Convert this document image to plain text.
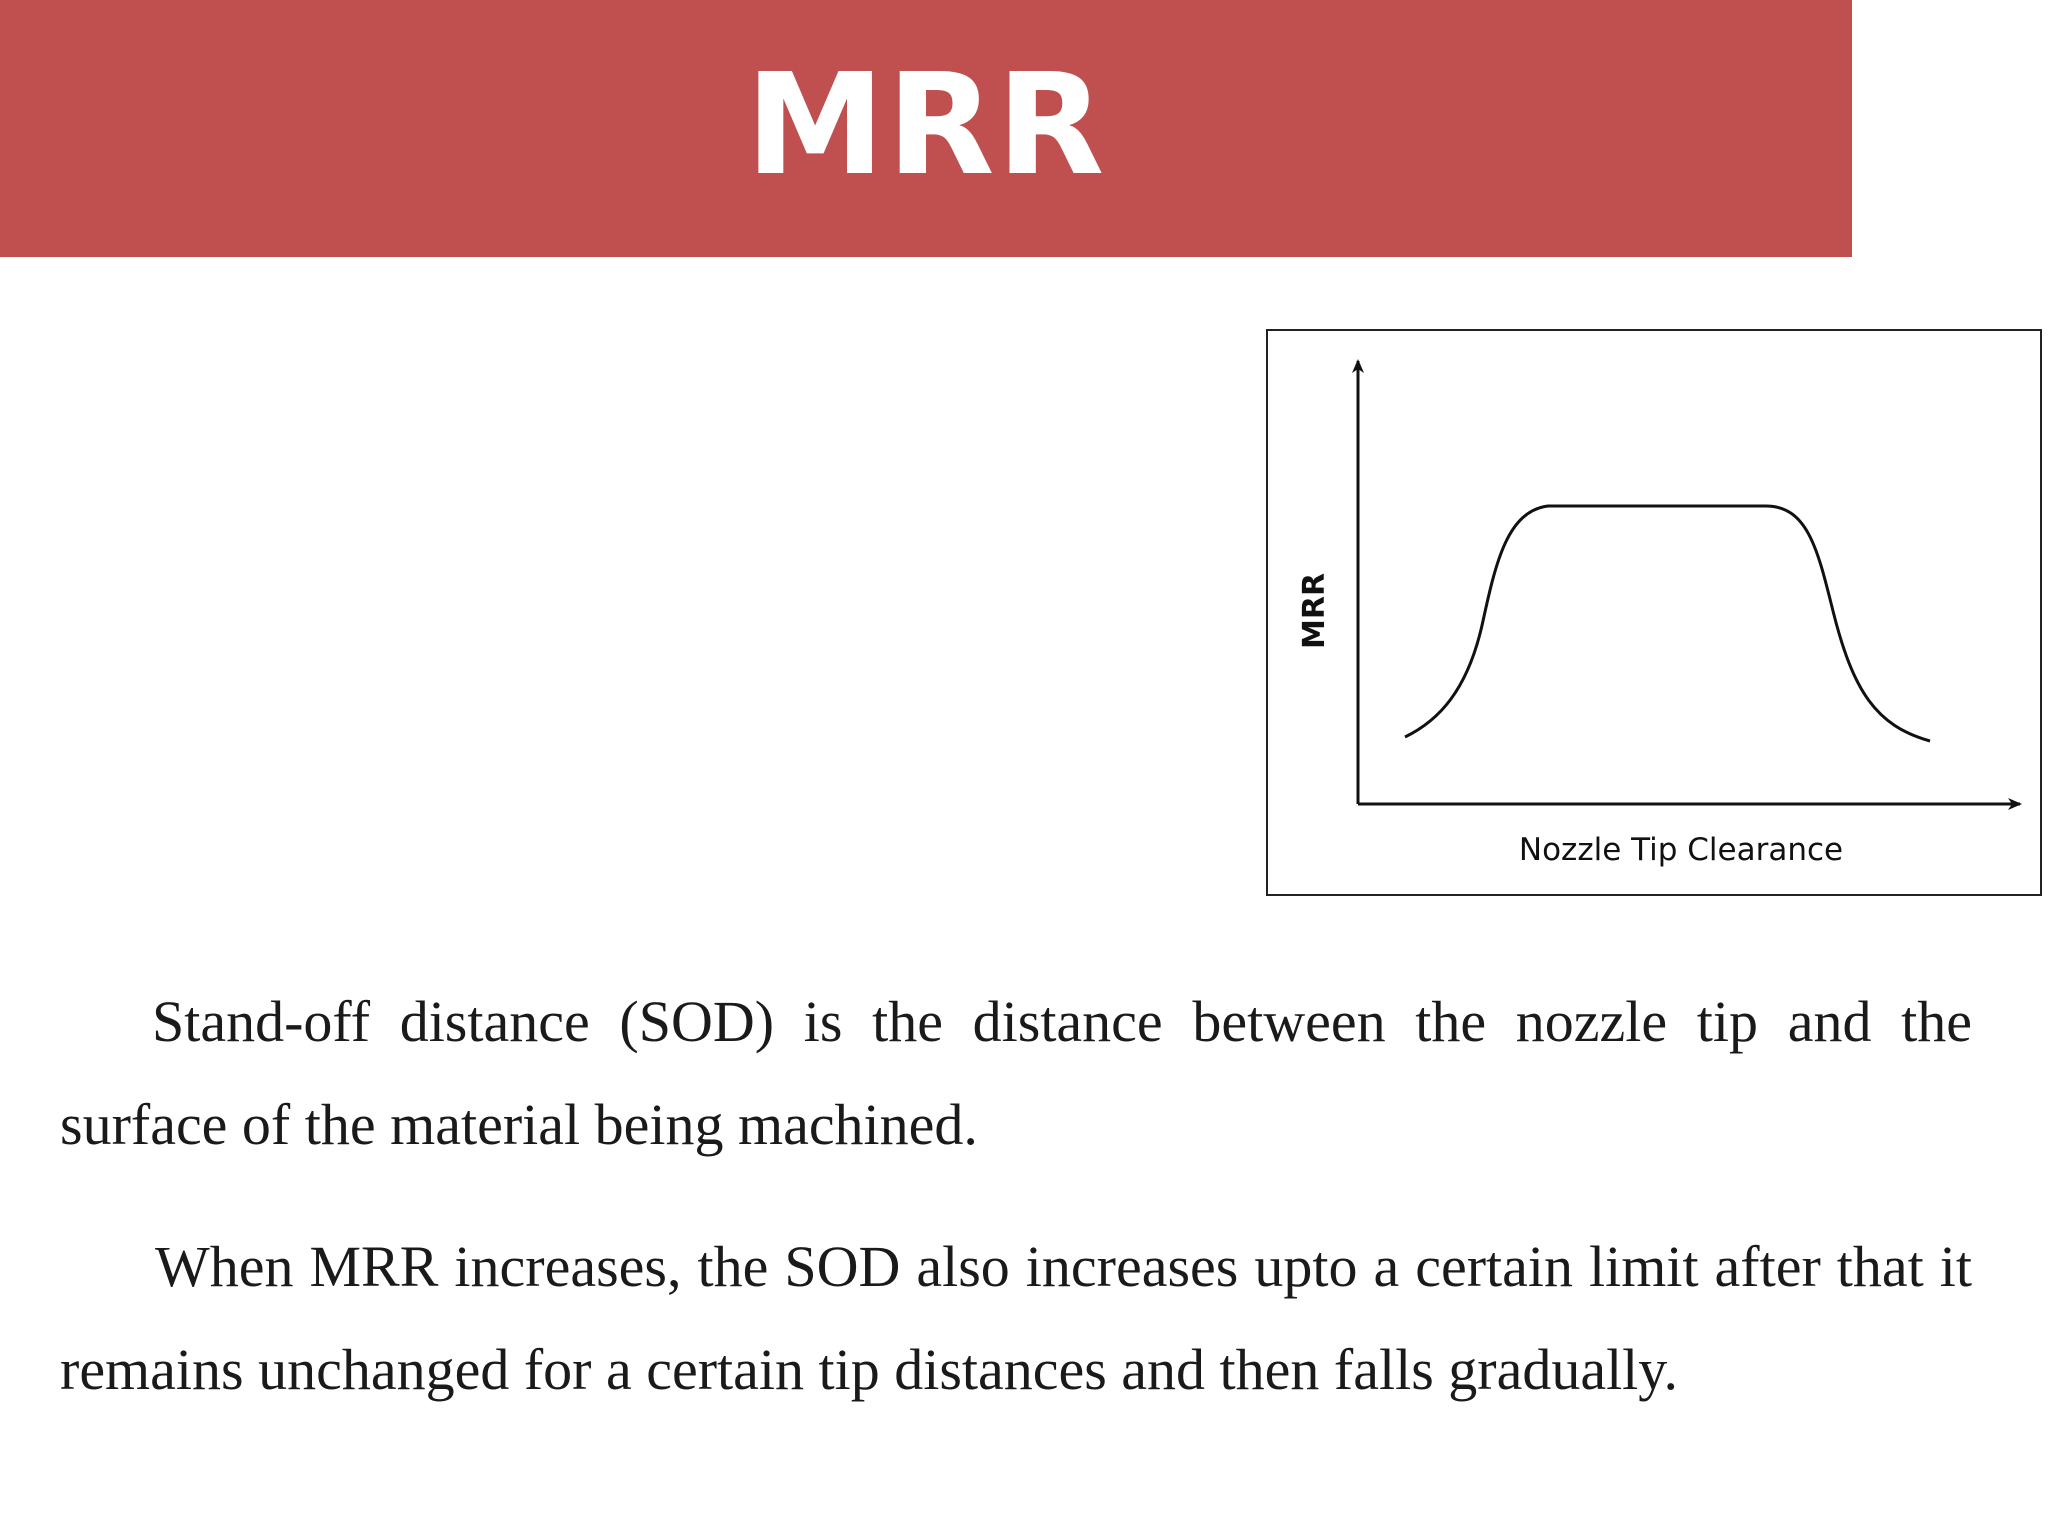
MRR
MRR
Nozzle Tip Clearance

Stand-off distance (SOD) is the distance between the nozzle tip and the surface of the material being machined.

When MRR increases, the SOD also increases upto a certain limit after that it remains unchanged for a certain tip distances and then falls gradually.
